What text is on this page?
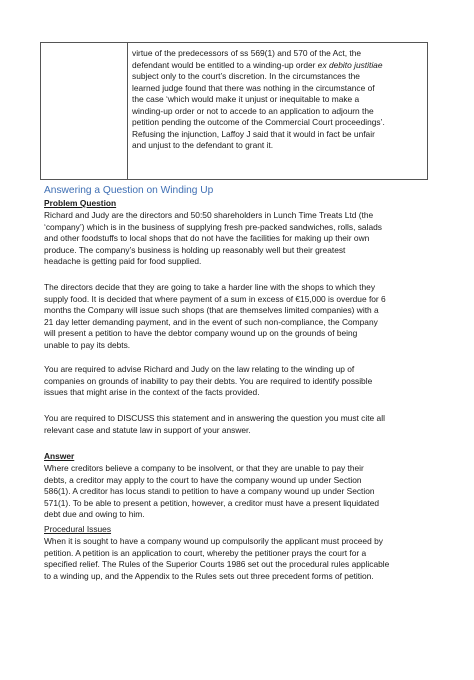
virtue of the predecessors of ss 569(1) and 570 of the Act, the
defendant would be entitled to a winding-up order ex debito justitiae
subject only to the court’s discretion. In the circumstances the
learned judge found that there was nothing in the circumstance of
the case ‘which would make it unjust or inequitable to make a
winding-up order or not to accede to an application to adjourn the
petition pending the outcome of the Commercial Court proceedings’.
Refusing the injunction, Laffoy J said that it would in fact be unfair
and unjust to the defendant to grant it.
Answering a Question on Winding Up
Problem Question
Richard and Judy are the directors and 50:50 shareholders in Lunch Time Treats Ltd (the
‘company’) which is in the business of supplying fresh pre-packed sandwiches, rolls, salads
and other foodstuffs to local shops that do not have the facilities for making up their own
produce. The company’s business is holding up reasonably well but their greatest
headache is getting paid for food supplied.
The directors decide that they are going to take a harder line with the shops to which they
supply food. It is decided that where payment of a sum in excess of €15,000 is overdue for 6
months the Company will issue such shops (that are themselves limited companies) with a
21 day letter demanding payment, and in the event of such non-compliance, the Company
will present a petition to have the debtor company wound up on the grounds of being
unable to pay its debts.
You are required to advise Richard and Judy on the law relating to the winding up of
companies on grounds of inability to pay their debts. You are required to identify possible
issues that might arise in the context of the facts provided.
You are required to DISCUSS this statement and in answering the question you must cite all
relevant case and statute law in support of your answer.
Answer
Where creditors believe a company to be insolvent, or that they are unable to pay their
debts, a creditor may apply to the court to have the company wound up under Section
586(1). A creditor has locus standi to petition to have a company wound up under Section
571(1). To be able to present a petition, however, a creditor must have a present liquidated
debt due and owing to him.
Procedural Issues
When it is sought to have a company wound up compulsorily the applicant must proceed by
petition. A petition is an application to court, whereby the petitioner prays the court for a
specified relief. The Rules of the Superior Courts 1986 set out the procedural rules applicable
to a winding up, and the Appendix to the Rules sets out three precedent forms of petition.
